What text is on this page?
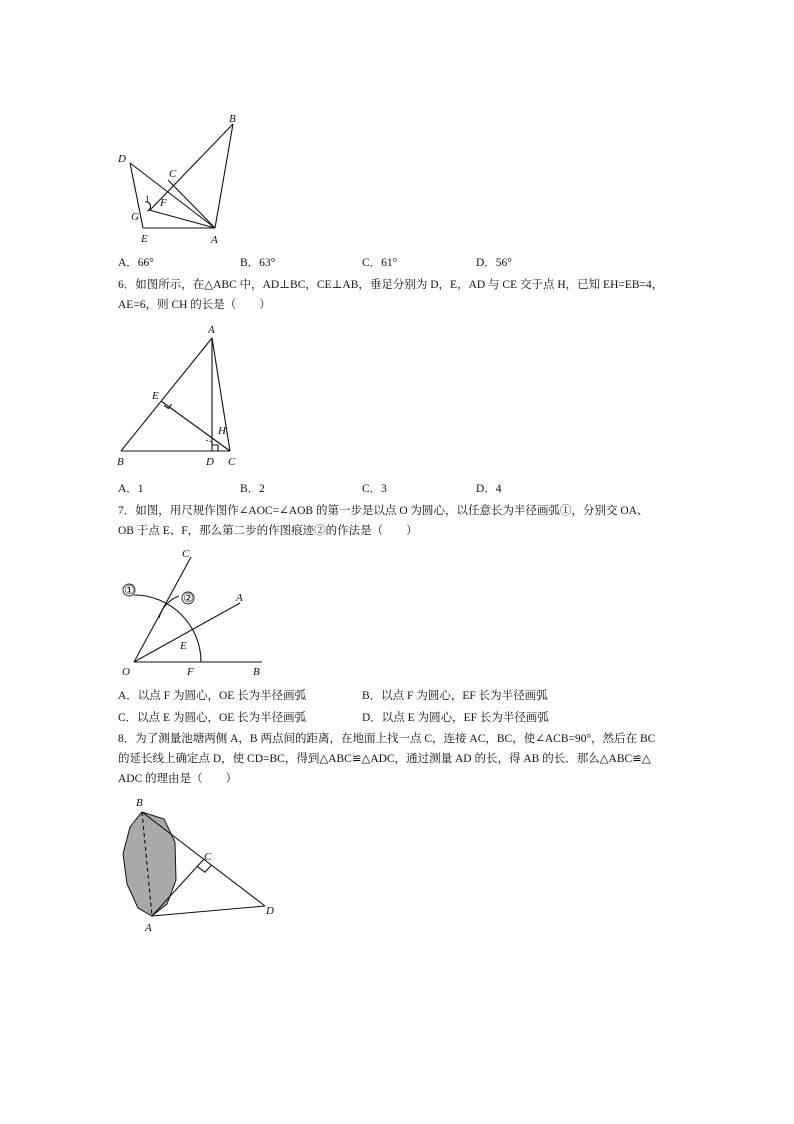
B
D
C
1 F
G
E	A
A．66°	B．63°	C．61°	D．56°
6．如图所示，在△ABC 中，AD⊥BC，CE⊥AB，垂足分别为 D，E，AD 与 CE 交于点 H，已知 EH=EB=4，
AE=6，则 CH 的长是（　　）
A
E
H
B	D C
A．1	B．2	C．3	D．4
7．如图，用尺规作图作∠AOC=∠AOB 的第一步是以点 O 为圆心，以任意长为半径画弧①，分别交 OA、
OB 于点 E、F，那么第二步的作图痕迹②的作法是（　　）
①
②
C
A
E
O	F	B
A．以点 F 为圆心，OE 长为半径画弧	B．以点 F 为圆心，EF 长为半径画弧
C．以点 E 为圆心，OE 长为半径画弧	D．以点 E 为圆心，EF 长为半径画弧
8．为了测量池塘两侧 A，B 两点间的距离，在地面上找一点 C，连接 AC，BC，使∠ACB=90°，然后在 BC
的延长线上确定点 D，使 CD=BC，得到△ABC≌△ADC，通过测量 AD 的长，得 AB 的长．那么△ABC≌△
ADC 的理由是（　　）
B
C
D
A
